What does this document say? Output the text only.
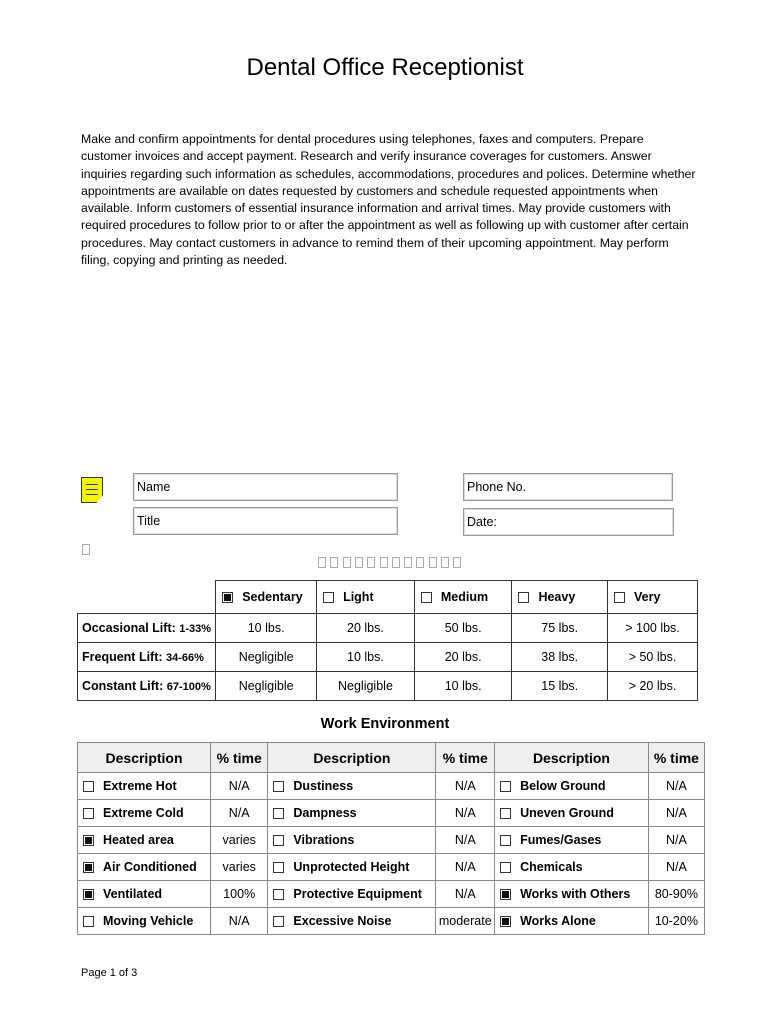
Dental Office Receptionist
Make and confirm appointments for dental procedures using telephones, faxes and computers. Prepare customer invoices and accept payment. Research and verify insurance coverages for customers. Answer inquiries regarding such information as schedules, accommodations, procedures and polices. Determine whether appointments are available on dates requested by customers and schedule requested appointments when available. Inform customers of essential insurance information and arrival times. May provide customers with required procedures to follow prior to or after the appointment as well as following up with customer after certain procedures. May contact customers in advance to remind them of their upcoming appointment. May perform filing, copying and printing as needed.
Name
Title
Phone No.
Date:
	Sedentary	Light	Medium	Heavy	Very
Occasional Lift: 1-33%	10 lbs.	20 lbs.	50 lbs.	75 lbs.	> 100 lbs.
Frequent Lift: 34-66%	Negligible	10 lbs.	20 lbs.	38 lbs.	> 50 lbs.
Constant Lift: 67-100%	Negligible	Negligible	10 lbs.	15 lbs.	> 20 lbs.
Work Environment
Description	% time	Description	% time	Description	% time
Extreme Hot	N/A	Dustiness	N/A	Below Ground	N/A
Extreme Cold	N/A	Dampness	N/A	Uneven Ground	N/A
Heated area	varies	Vibrations	N/A	Fumes/Gases	N/A
Air Conditioned	varies	Unprotected Height	N/A	Chemicals	N/A
Ventilated	100%	Protective Equipment	N/A	Works with Others	80-90%
Moving Vehicle	N/A	Excessive Noise	moderate	Works Alone	10-20%
Page 1 of 3
